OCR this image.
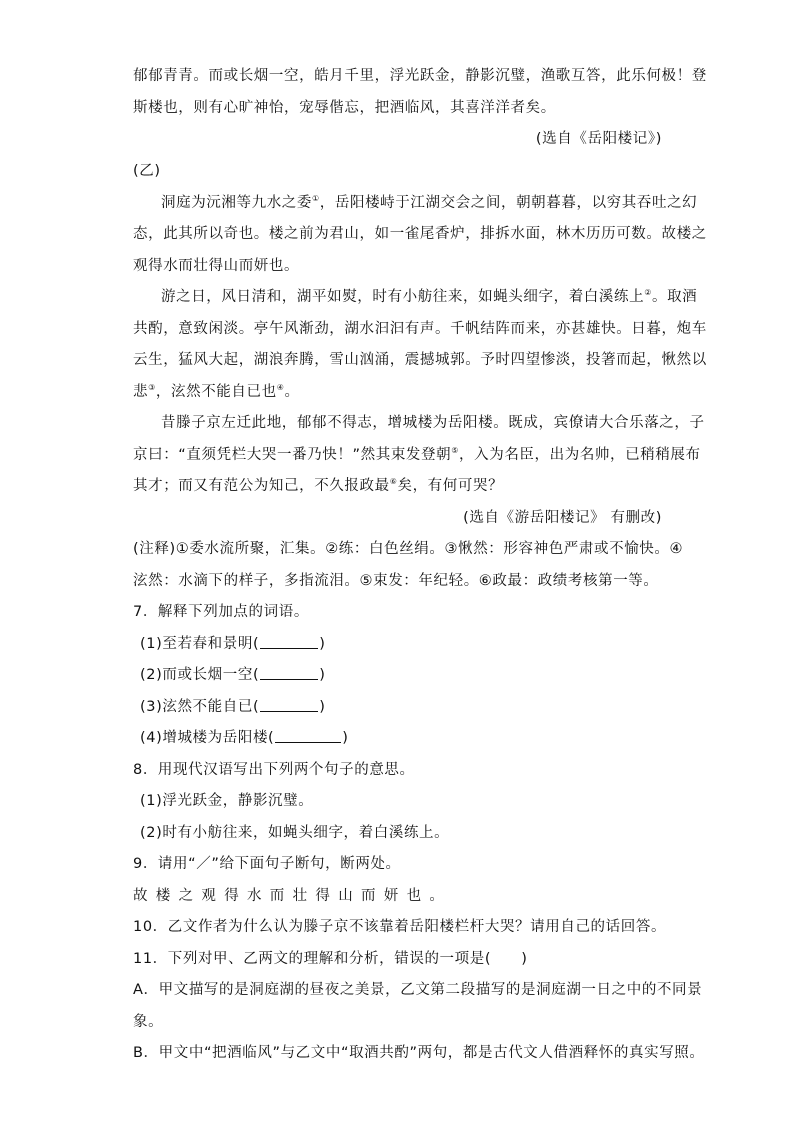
郁郁青青。而或长烟一空，皓月千里，浮光跃金，静影沉璧，渔歌互答，此乐何极！登
斯楼也，则有心旷神怡，宠辱偕忘，把酒临风，其喜洋洋者矣。
(选自《岳阳楼记》)
(乙)
洞庭为沅湘等九水之委①，岳阳楼峙于江湖交会之间，朝朝暮暮，以穷其吞吐之幻
态，此其所以奇也。楼之前为君山，如一雀尾香炉，排拆水面，林木历历可数。故楼之
观得水而壮得山而妍也。
游之日，风日清和，湖平如熨，时有小舫往来，如蝇头细字，着白溪练上②。取酒
共酌，意致闲淡。亭午风渐劲，湖水汩汩有声。千帆结阵而来，亦甚雄快。日暮，炮车
云生，猛风大起，湖浪奔腾，雪山汹涌，震撼城郭。予时四望惨淡，投箸而起，愀然以
悲③，泫然不能自已也④。
昔滕子京左迁此地，郁郁不得志，增城楼为岳阳楼。既成，宾僚请大合乐落之，子
京曰：“直须凭栏大哭一番乃快！”然其束发登朝⑤，入为名臣，出为名帅，已稍稍展布
其才；而又有范公为知己，不久报政最⑥矣，有何可哭？
(选自《游岳阳楼记》 有删改)
(注释)①委水流所聚，汇集。②练：白色丝绢。③愀然：形容神色严肃或不愉快。④
泫然：水滴下的样子，多指流泪。⑤束发：年纪轻。⑥政最：政绩考核第一等。
7．解释下列加点的词语。
(1)至若春和景明(	)
(2)而或长烟一空(	)
(3)泫然不能自已(	)
(4)增城楼为岳阳楼(	)
8．用现代汉语写出下列两个句子的意思。
(1)浮光跃金，静影沉璧。
(2)时有小舫往来，如蝇头细字，着白溪练上。
9．请用“／”给下面句子断句，断两处。
故楼之观得水而壮得山而妍也。
10．乙文作者为什么认为滕子京不该靠着岳阳楼栏杆大哭？请用自己的话回答。
11．下列对甲、乙两文的理解和分析，错误的一项是(　　)
A．甲文描写的是洞庭湖的昼夜之美景，乙文第二段描写的是洞庭湖一日之中的不同景
象。
B．甲文中“把酒临风”与乙文中“取酒共酌”两句，都是古代文人借酒释怀的真实写照。
